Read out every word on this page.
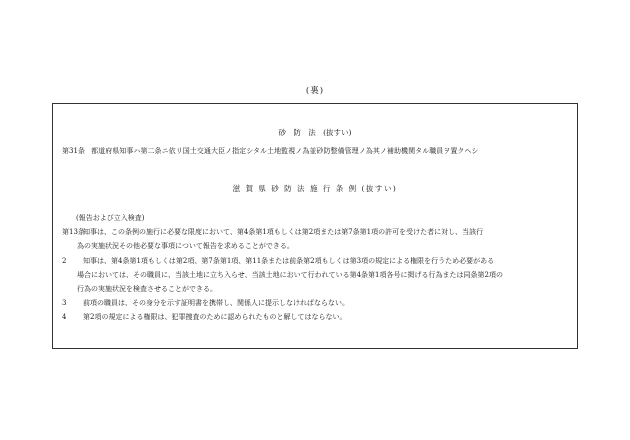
(裏)
砂 防 法 (抜すい)
第31条 都道府県知事ハ第二条ニ依リ国土交通大臣ノ指定シタル土地監視ノ為並砂防整備管理ノ為其ノ補助機関タル職員ヲ置クヘシ
滋 賀 県 砂 防 法 施 行 条 例 (抜すい)
(報告および立入検査)
第13条知事は、この条例の施行に必要な限度において、第4条第1項もしくは第2項または第7条第1項の許可を受けた者に対し、当該行
為の実施状況その他必要な事項について報告を求めることができる。
2 知事は、第4条第1項もしくは第2項、第7条第1項、第11条または前条第2項もしくは第3項の規定による権限を行うため必要がある
場合においては、その職員に、当該土地に立ち入らせ、当該土地において行われている第4条第1項各号に掲げる行為または同条第2項の
行為の実施状況を検査させることができる。
3 前項の職員は、その身分を示す証明書を携帯し、関係人に提示しなければならない。
4 第2項の規定による権限は、犯罪捜査のために認められたものと解してはならない。
